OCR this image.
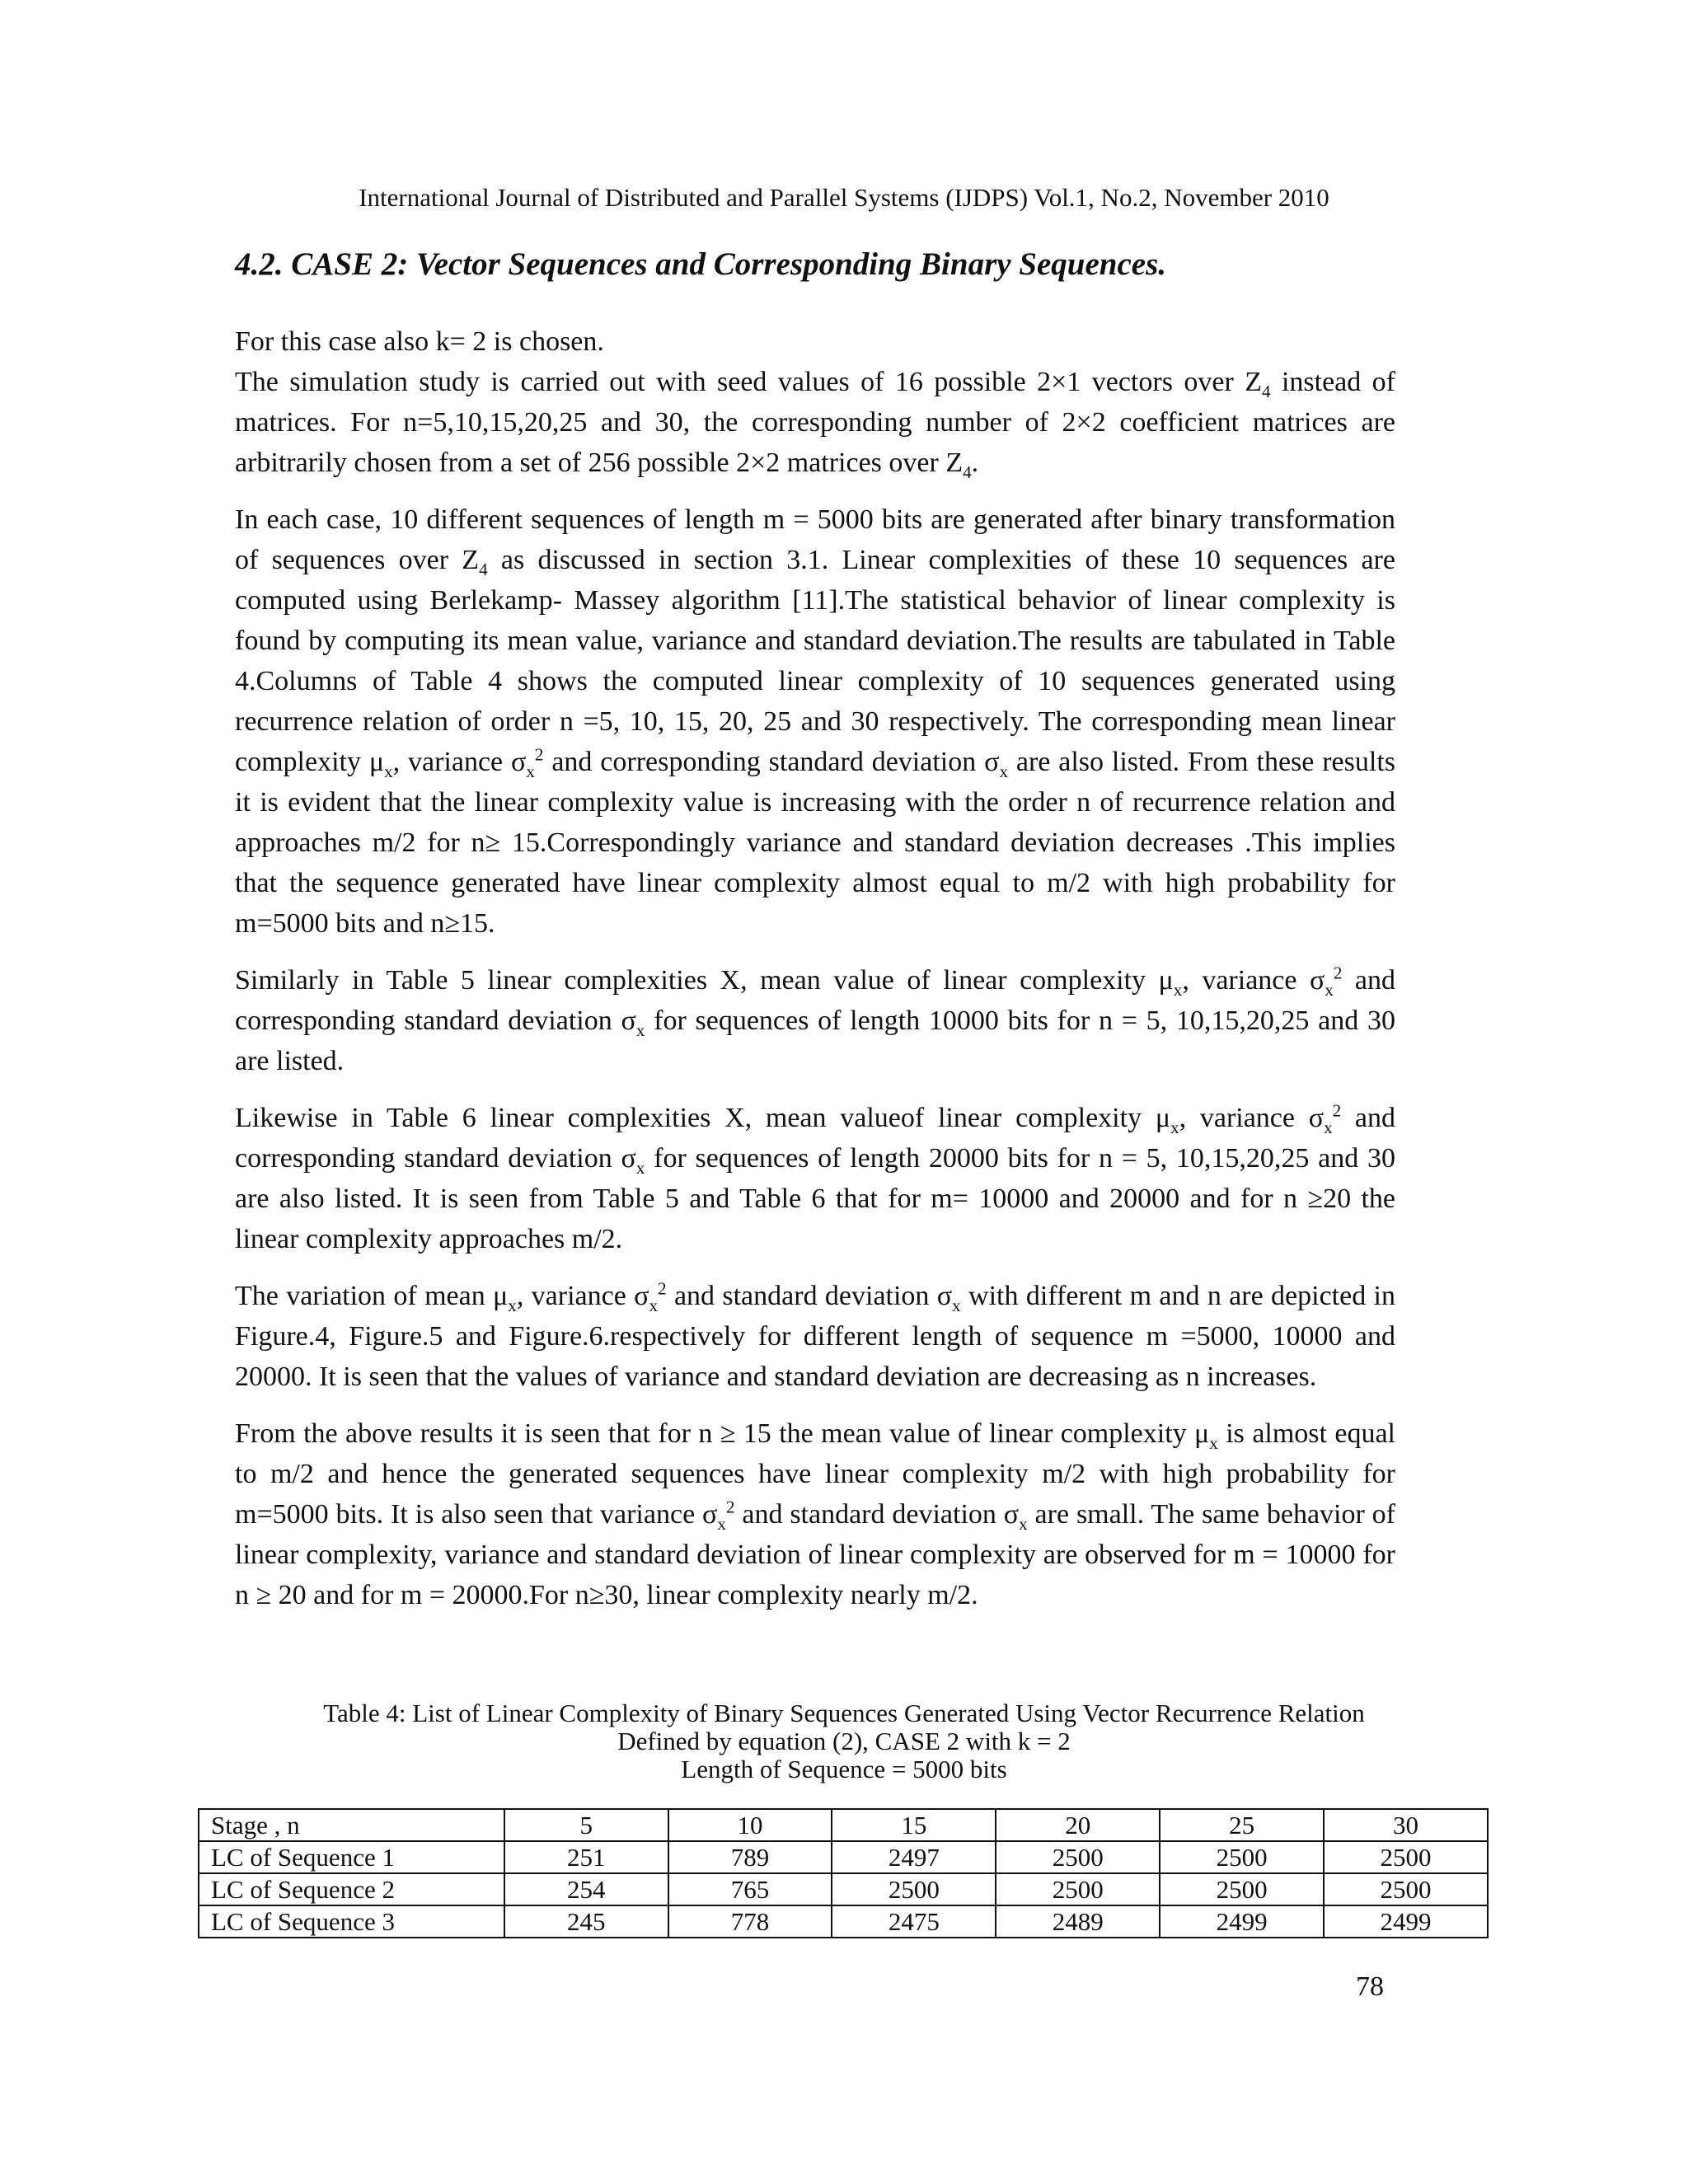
International Journal of Distributed and Parallel Systems (IJDPS) Vol.1, No.2, November 2010
4.2. CASE 2: Vector Sequences and Corresponding Binary Sequences.

For this case also k= 2 is chosen.

The simulation study is carried out with seed values of 16 possible 2×1 vectors over $Z_4$ instead of matrices. For n=5,10,15,20,25 and 30, the corresponding number of 2×2 coefficient matrices are arbitrarily chosen from a set of 256 possible 2×2 matrices over $Z_4$.

In each case, 10 different sequences of length m = 5000 bits are generated after binary transformation of sequences over $Z_4$ as discussed in section 3.1. Linear complexities of these 10 sequences are computed using Berlekamp- Massey algorithm [11].The statistical behavior of linear complexity is found by computing its mean value, variance and standard deviation.The results are tabulated in Table 4.Columns of Table 4 shows the computed linear complexity of 10 sequences generated using recurrence relation of order n =5, 10, 15, 20, 25 and 30 respectively. The corresponding mean linear complexity $\mu_x$, variance $\sigma_x^2$ and corresponding standard deviation $\sigma_x$ are also listed. From these results it is evident that the linear complexity value is increasing with the order n of recurrence relation and approaches m/2 for n≥ 15.Correspondingly variance and standard deviation decreases .This implies that the sequence generated have linear complexity almost equal to m/2 with high probability for m=5000 bits and n≥15.

Similarly in Table 5 linear complexities X, mean value of linear complexity $\mu_x$, variance $\sigma_x^2$ and corresponding standard deviation $\sigma_x$ for sequences of length 10000 bits for n = 5, 10,15,20,25 and 30 are listed.

Likewise in Table 6 linear complexities X, mean valueof linear complexity $\mu_x$, variance $\sigma_x^2$ and corresponding standard deviation $\sigma_x$ for sequences of length 20000 bits for n = 5, 10,15,20,25 and 30 are also listed. It is seen from Table 5 and Table 6 that for m= 10000 and 20000 and for n ≥20 the linear complexity approaches m/2.

The variation of mean $\mu_x$, variance $\sigma_x^2$ and standard deviation $\sigma_x$ with different m and n are depicted in Figure.4, Figure.5 and Figure.6.respectively for different length of sequence m =5000, 10000 and 20000. It is seen that the values of variance and standard deviation are decreasing as n increases.

From the above results it is seen that for n ≥ 15 the mean value of linear complexity $\mu_x$ is almost equal to m/2 and hence the generated sequences have linear complexity m/2 with high probability for m=5000 bits. It is also seen that variance $\sigma_x^2$ and standard deviation $\sigma_x$ are small. The same behavior of linear complexity, variance and standard deviation of linear complexity are observed for m = 10000 for n ≥ 20 and for m = 20000.For n≥30, linear complexity nearly m/2.

Table 4: List of Linear Complexity of Binary Sequences Generated Using Vector Recurrence Relation
Defined by equation (2), CASE 2 with k = 2
Length of Sequence = 5000 bits
Stage , n	5	10	15	20	25	30
LC of Sequence 1	251	789	2497	2500	2500	2500
LC of Sequence 2	254	765	2500	2500	2500	2500
LC of Sequence 3	245	778	2475	2489	2499	2499
78
